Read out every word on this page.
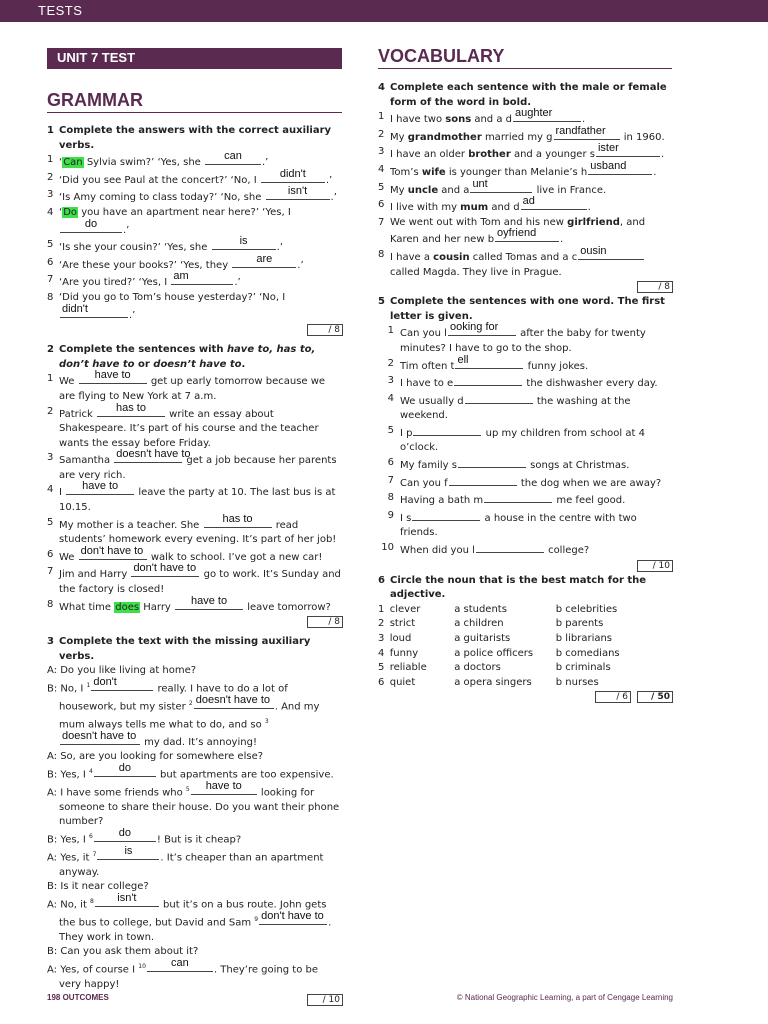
TESTS
UNIT 7 TEST
GRAMMAR
VOCABULARY
1 Complete the answers with the correct auxiliary verbs.
1 ‘Can Sylvia swim?’ ‘Yes, she
can
.’
2 ‘Did you see Paul at the concert?’ ‘No, I
didn't
.’
3 ‘Is Amy coming to class today?’ ‘No, she
isn't
.’
4 ‘Do you have an apartment near here?’ ‘Yes, I

do
.’
5 ‘Is she your cousin?’ ‘Yes, she
is
.’
6 ‘Are these your books?’ ‘Yes, they
are
.’
7 ‘Are you tired?’ ‘Yes, I
am
.’
8 ‘Did you go to Tom’s house yesterday?’ ‘No, I

didn't
.’
/ 8
2 Complete the sentences with have to, has to, don’t have to or doesn’t have to.
1 We
have to
get up early tomorrow because we are flying to New York at 7 a.m.
2 Patrick
has to
write an essay about Shakespeare. It’s part of his course and the teacher wants the essay before Friday.
3 Samantha
doesn't have to
get a job because her parents are very rich.
4 I
have to
leave the party at 10. The last bus is at 10.15.
5 My mother is a teacher. She
has to
read students’ homework every evening. It’s part of her job!
6 We
don't have to
walk to school. I’ve got a new car!
7 Jim and Harry
don't have to
go to work. It’s Sunday and the factory is closed!
8 What time does Harry
have to
leave tomorrow?
/ 8
3 Complete the text with the missing auxiliary verbs.
A: Do you like living at home?
B: No, I $^1$ don't
really. I have to do a lot of housework, but my sister $^2$ doesn't have to
. And my mum always tells me what to do, and so $^3$
doesn't have to
my dad. It’s annoying!
A: So, are you looking for somewhere else?
B: Yes, I $^4$	do
but apartments are too expensive.
A: I have some friends who $^5$	have to
looking for someone to share their house. Do you want their phone number?
B: Yes, I $^6$	do
! But is it cheap?
A: Yes, it $^7$	is
. It’s cheaper than an apartment anyway.
B: Is it near college?
A: No, it $^8$	isn't
but it’s on a bus route. John gets the bus to college, but David and Sam $^9$ don't have to
. They work in town.
B: Can you ask them about it?
A: Yes, of course I $^{10}$	can
. They’re going to be very happy!
/ 10
4 Complete each sentence with the male or female form of the word in bold.
1 I have two sons and a d
aughter
.
2 My grandmother married my g
randfather
in 1960.
3 I have an older brother and a younger s
ister
.
4 Tom’s wife is younger than Melanie’s h
usband
.
5 My uncle and a
unt
live in France.
6 I live with my mum and d
ad
.
7 We went out with Tom and his new girlfriend, and Karen and her new b
oyfriend
.
8 I have a cousin called Tomas and a c
ousin
called Magda. They live in Prague.
/ 8
5 Complete the sentences with one word. The first letter is given.
1 Can you l
ooking for
after the baby for twenty minutes? I have to go to the shop.
2 Tim often t
ell
funny jokes.
3 I have to e	the dishwasher every day.
4 We usually d	the washing at the weekend.
5 I p	up my children from school at 4 o’clock.
6 My family s	songs at Christmas.
7 Can you f	the dog when we are away?
8 Having a bath m	me feel good.
9 I s	a house in the centre with two friends.
10 When did you l	college?
/ 10
6 Circle the noun that is the best match for the adjective.
1 clever	a students	b celebrities
2 strict	a children	b parents
3 loud	a guitarists	b librarians
4 funny	a police officers	b comedians
5 reliable	a doctors	b criminals
6 quiet	a opera singers	b nurses
/ 6	/ 50
198 OUTCOMES	© National Geographic Learning, a part of Cengage Learning
